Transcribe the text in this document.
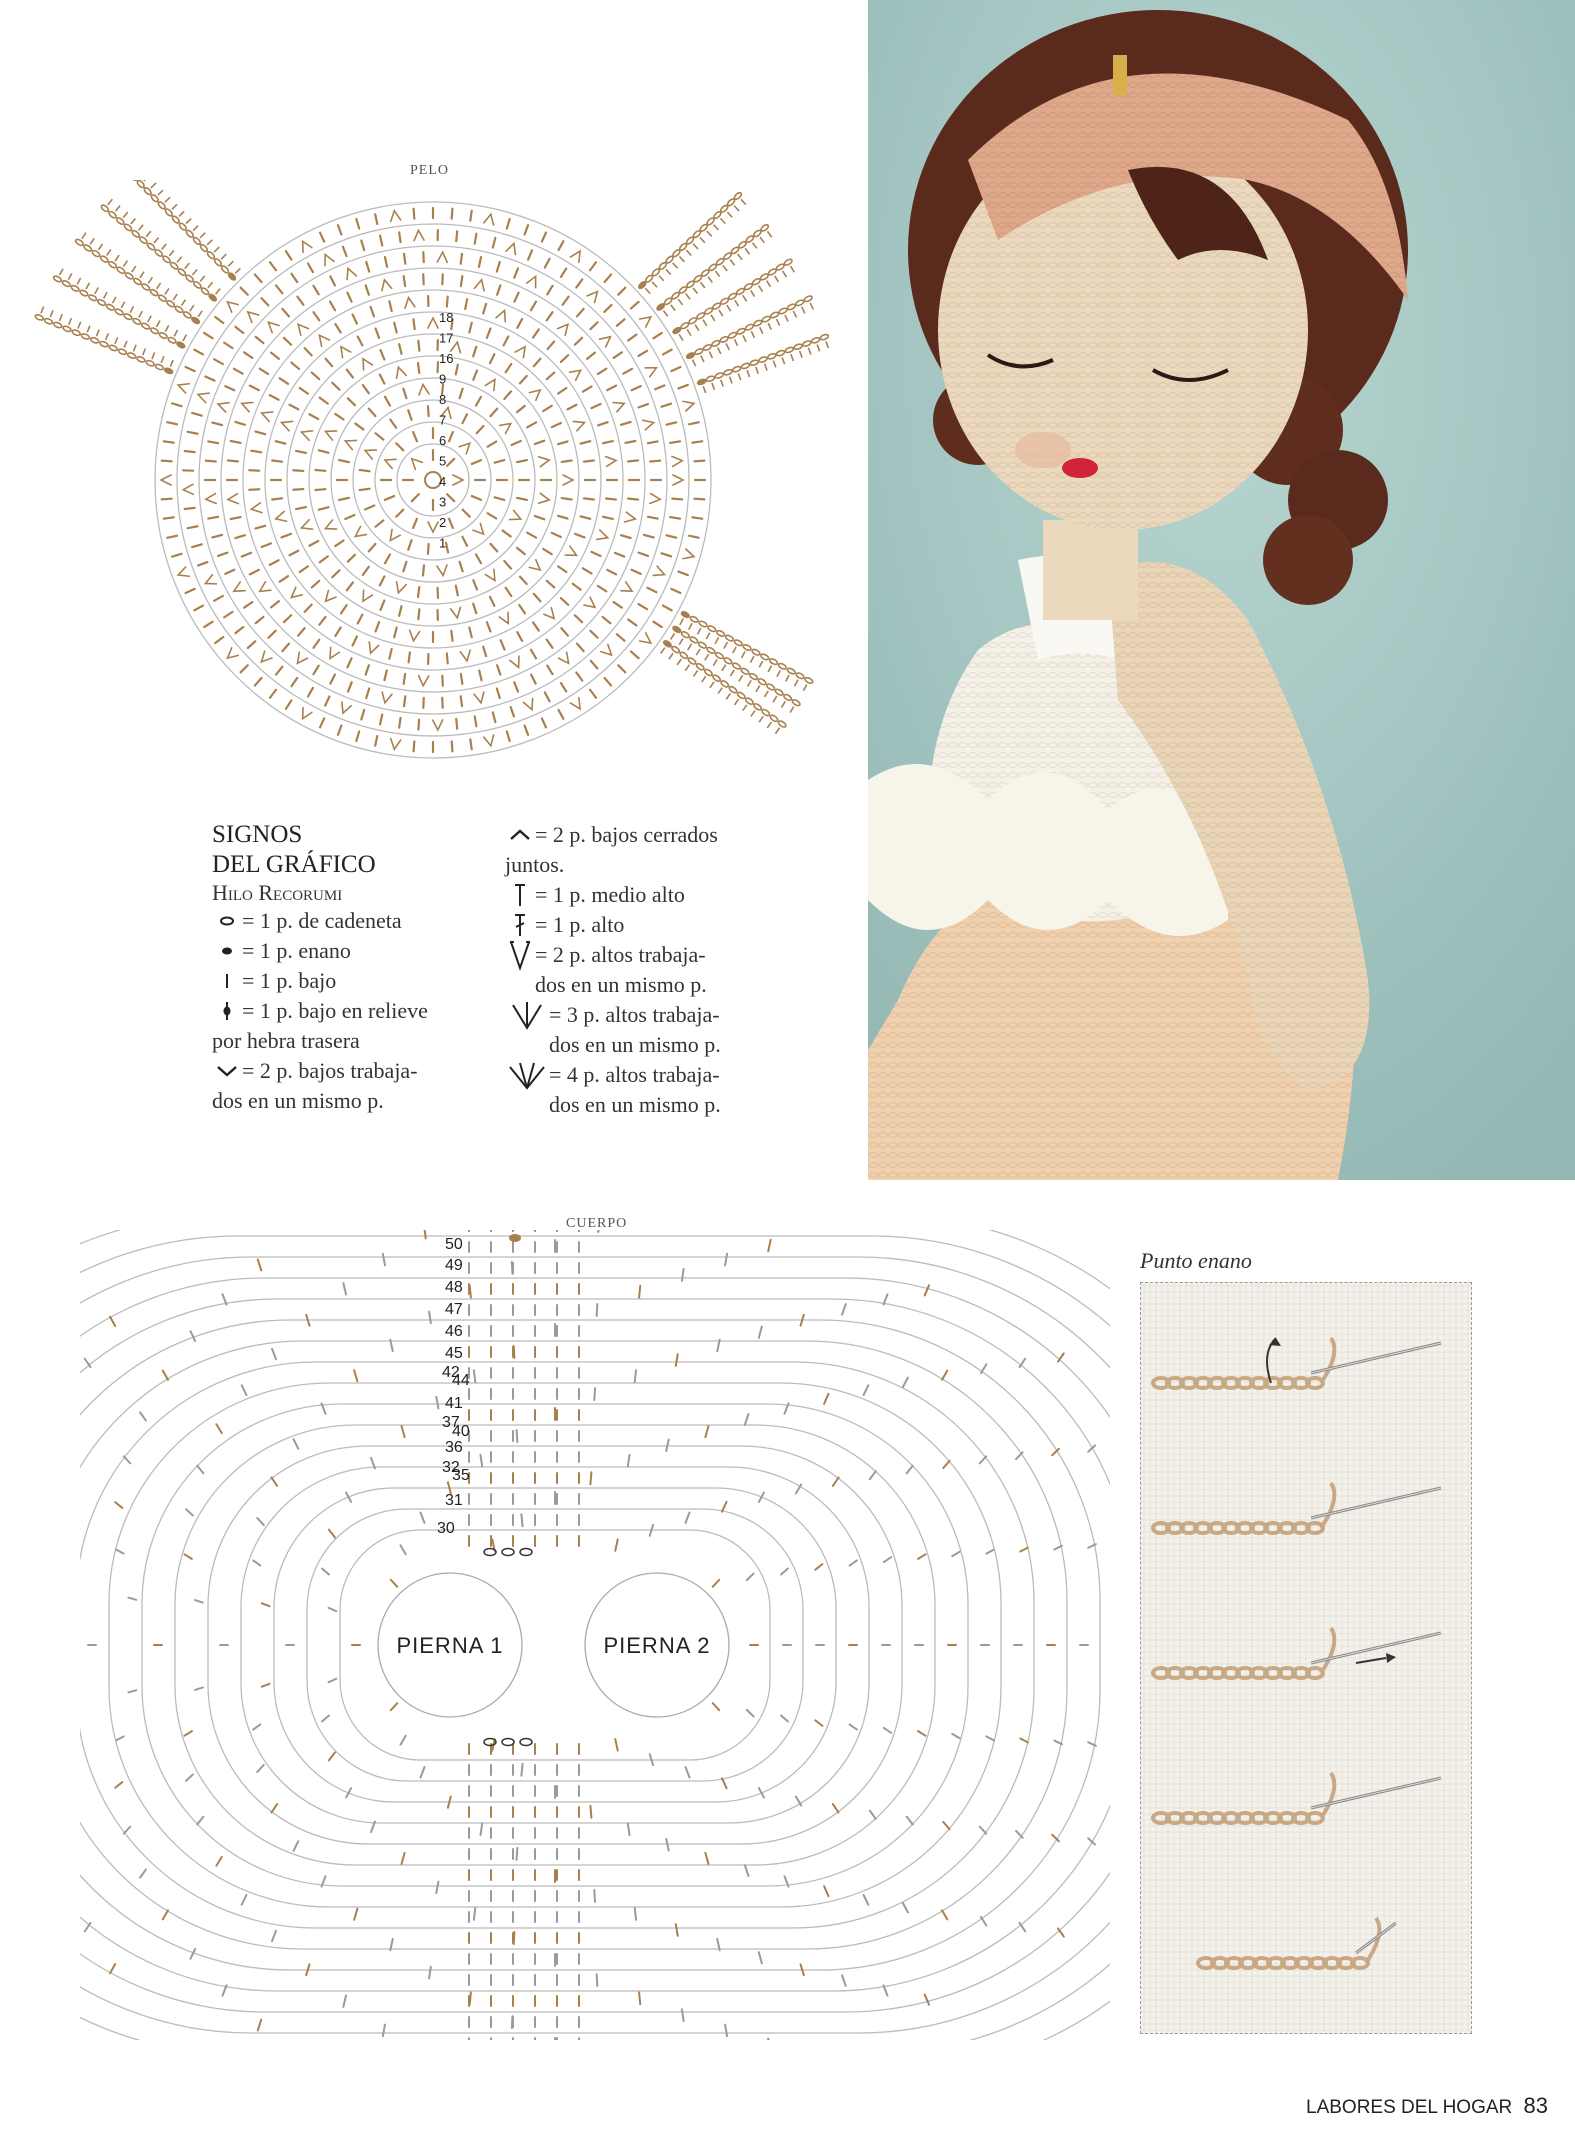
PELO
18
17
16
9
8
7
6
5
4
3
2
1
SIGNOS
DEL GRÁFICO
Hilo Recorumi
= 1 p. de cadeneta
= 1 p. enano
= 1 p. bajo
= 1 p. bajo en relieve
por hebra trasera
= 2 p. bajos trabaja-
dos en un mismo p.
= 2 p. bajos cerrados
juntos.
= 1 p. medio alto
= 1 p. alto
= 2 p. altos trabaja-
dos en un mismo p.
= 3 p. altos trabaja-
dos en un mismo p.
= 4 p. altos trabaja-
dos en un mismo p.
CUERPO
PIERNA 1	PIERNA 2
50
49
48
47
46
45
42
44
41
37
40
36
32
35
31
30
Punto enano
LABORES DEL HOGAR 83
